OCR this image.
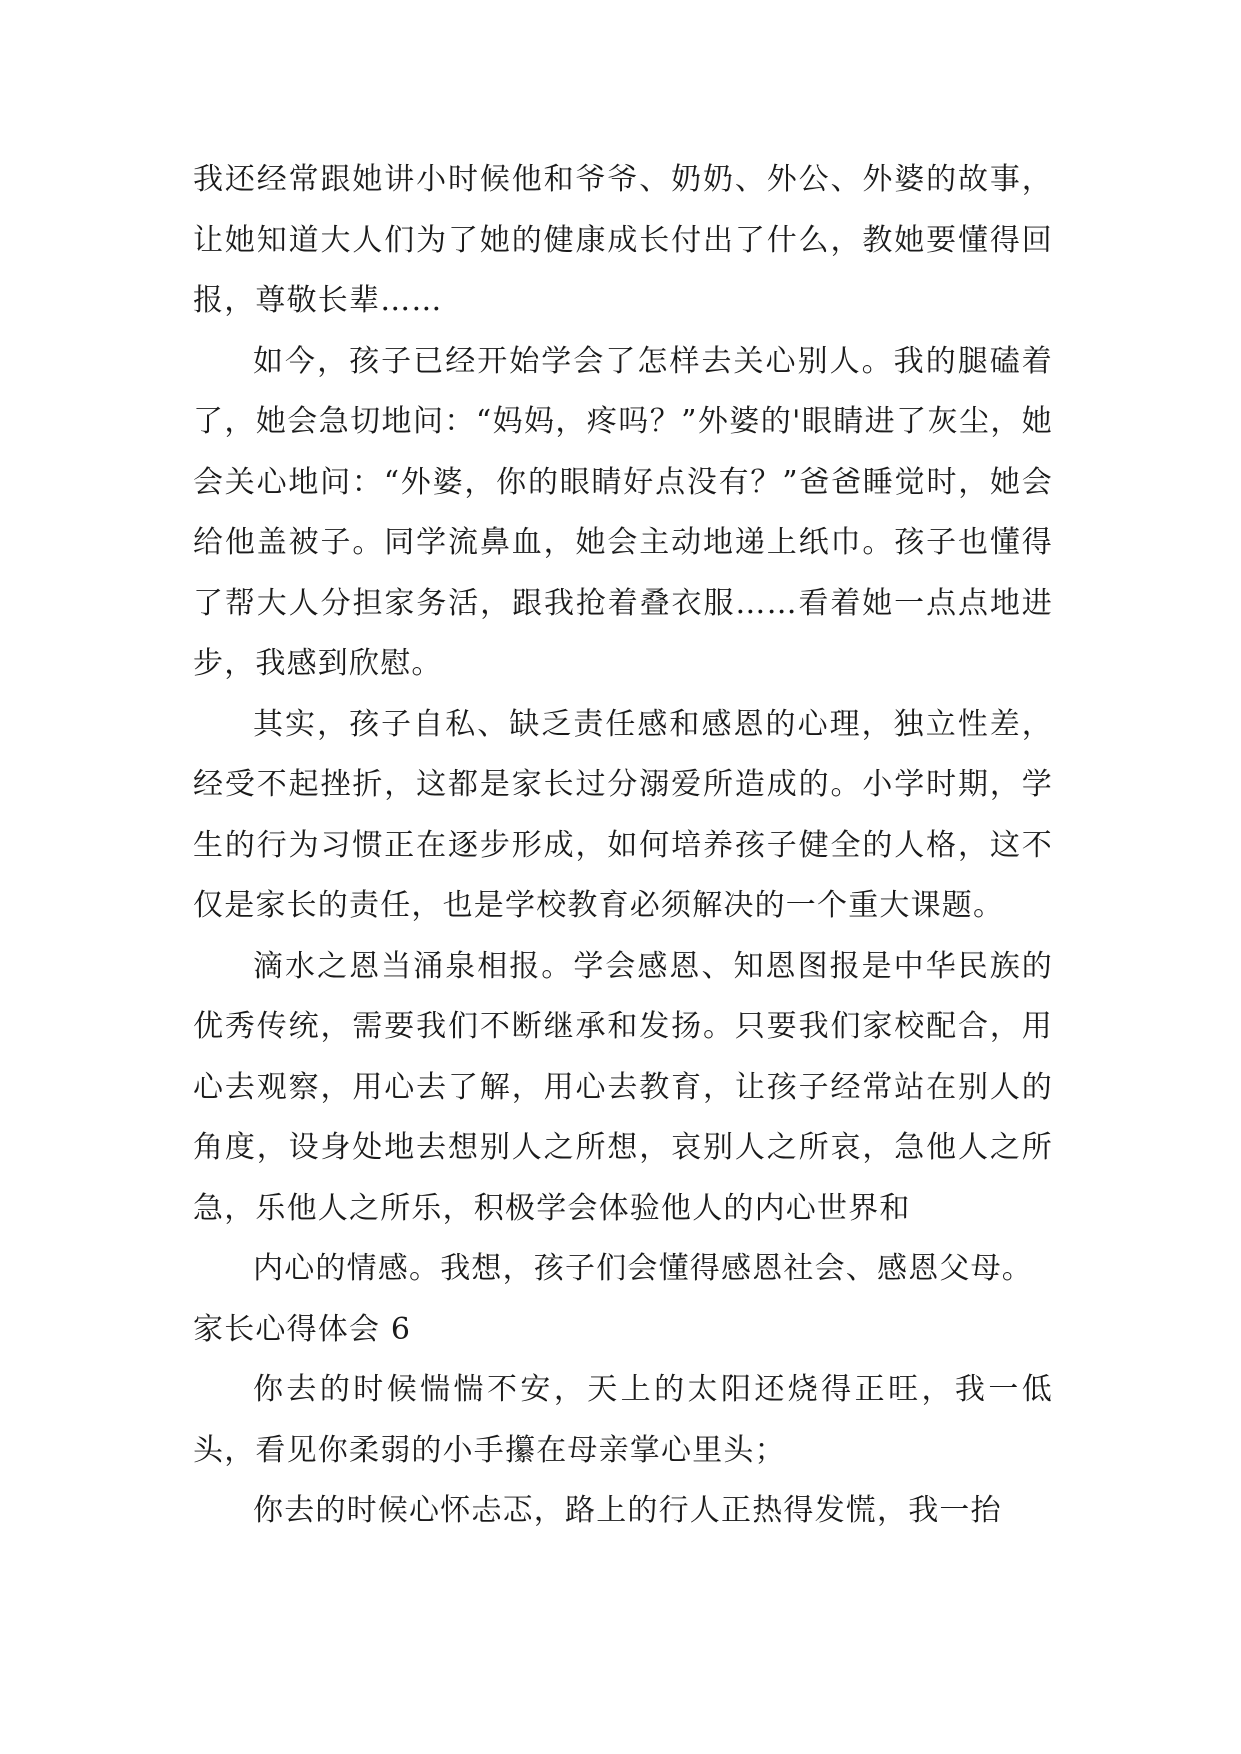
我还经常跟她讲小时候他和爷爷、奶奶、外公、外婆的故事，让她知道大人们为了她的健康成长付出了什么，教她要懂得回报，尊敬长辈……

如今，孩子已经开始学会了怎样去关心别人。我的腿磕着了，她会急切地问：“妈妈，疼吗？”外婆的'眼睛进了灰尘，她会关心地问：“外婆，你的眼睛好点没有？”爸爸睡觉时，她会给他盖被子。同学流鼻血，她会主动地递上纸巾。孩子也懂得了帮大人分担家务活，跟我抢着叠衣服……看着她一点点地进步，我感到欣慰。

其实，孩子自私、缺乏责任感和感恩的心理，独立性差，经受不起挫折，这都是家长过分溺爱所造成的。小学时期，学生的行为习惯正在逐步形成，如何培养孩子健全的人格，这不仅是家长的责任，也是学校教育必须解决的一个重大课题。

滴水之恩当涌泉相报。学会感恩、知恩图报是中华民族的优秀传统，需要我们不断继承和发扬。只要我们家校配合，用心去观察，用心去了解，用心去教育，让孩子经常站在别人的角度，设身处地去想别人之所想，哀别人之所哀，急他人之所急，乐他人之所乐，积极学会体验他人的内心世界和

内心的情感。我想，孩子们会懂得感恩社会、感恩父母。

家长心得体会 6

你去的时候惴惴不安，天上的太阳还烧得正旺，我一低头，看见你柔弱的小手攥在母亲掌心里头；

你去的时候心怀忐忑，路上的行人正热得发慌，我一抬
